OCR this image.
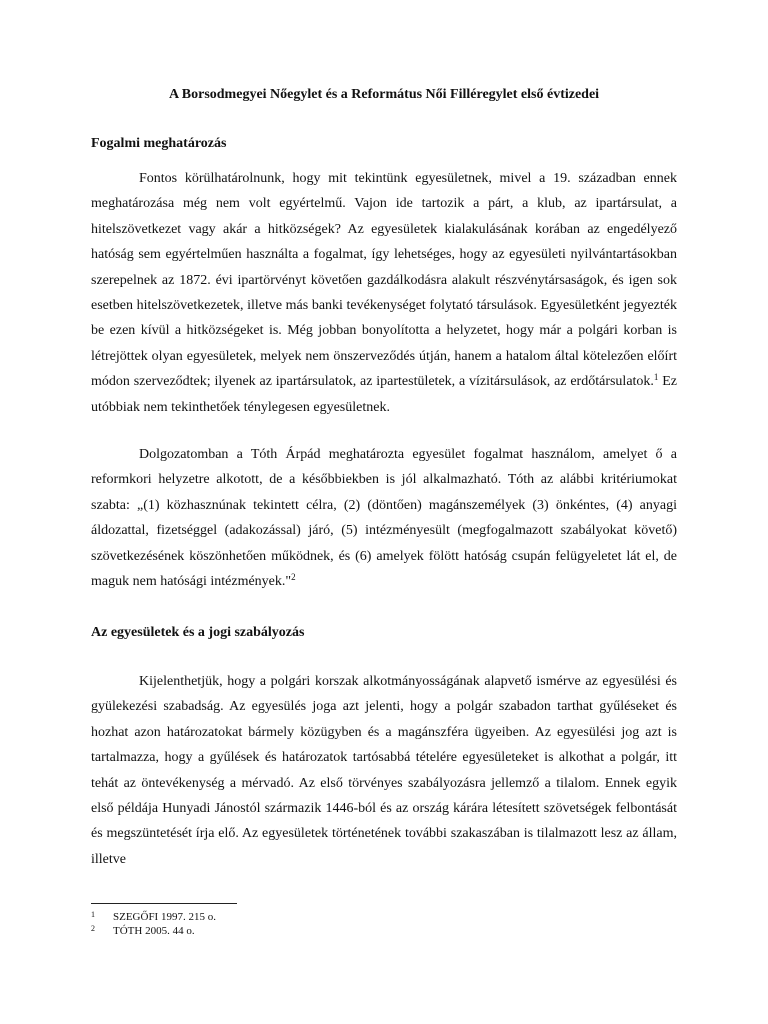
A Borsodmegyei Nőegylet és a Református Női Filléregylet első évtizedei
Fogalmi meghatározás

Fontos körülhatárolnunk, hogy mit tekintünk egyesületnek, mivel a 19. században ennek meghatározása még nem volt egyértelmű. Vajon ide tartozik a párt, a klub, az ipartársulat, a hitelszövetkezet vagy akár a hitközségek? Az egyesületek kialakulásának korában az engedélyező hatóság sem egyértelműen használta a fogalmat, így lehetséges, hogy az egyesületi nyilvántartásokban szerepelnek az 1872. évi ipartörvényt követően gazdálkodásra alakult részvénytársaságok, és igen sok esetben hitelszövetkezetek, illetve más banki tevékenységet folytató társulások. Egyesületként jegyezték be ezen kívül a hitközségeket is. Még jobban bonyolította a helyzetet, hogy már a polgári korban is létrejöttek olyan egyesületek, melyek nem önszerveződés útján, hanem a hatalom által kötelezően előírt módon szerveződtek; ilyenek az ipartársulatok, az ipartestületek, a vízitársulások, az erdőtársulatok.$^1$ Ez utóbbiak nem tekinthetőek ténylegesen egyesületnek.

Dolgozatomban a Tóth Árpád meghatározta egyesület fogalmat használom, amelyet ő a reformkori helyzetre alkotott, de a későbbiekben is jól alkalmazható. Tóth az alábbi kritériumokat szabta: „(1) közhasznúnak tekintett célra, (2) (döntően) magánszemélyek (3) önkéntes, (4) anyagi áldozattal, fizetséggel (adakozással) járó, (5) intézményesült (megfogalmazott szabályokat követő) szövetkezésének köszönhetően működnek, és (6) amelyek fölött hatóság csupán felügyeletet lát el, de maguk nem hatósági intézmények."$^2$

Az egyesületek és a jogi szabályozás

Kijelenthetjük, hogy a polgári korszak alkotmányosságának alapvető ismérve az egyesülési és gyülekezési szabadság. Az egyesülés joga azt jelenti, hogy a polgár szabadon tarthat gyűléseket és hozhat azon határozatokat bármely közügyben és a magánszféra ügyeiben. Az egyesülési jog azt is tartalmazza, hogy a gyűlések és határozatok tartósabbá tételére egyesületeket is alkothat a polgár, itt tehát az öntevékenység a mérvadó. Az első törvényes szabályozásra jellemző a tilalom. Ennek egyik első példája Hunyadi Jánostól származik 1446-ból és az ország kárára létesített szövetségek felbontását és megszüntetését írja elő. Az egyesületek történetének további szakaszában is tilalmazott lesz az állam, illetve

1 SZEGŐFI 1997. 215 o.
2 TÓTH 2005. 44 o.
